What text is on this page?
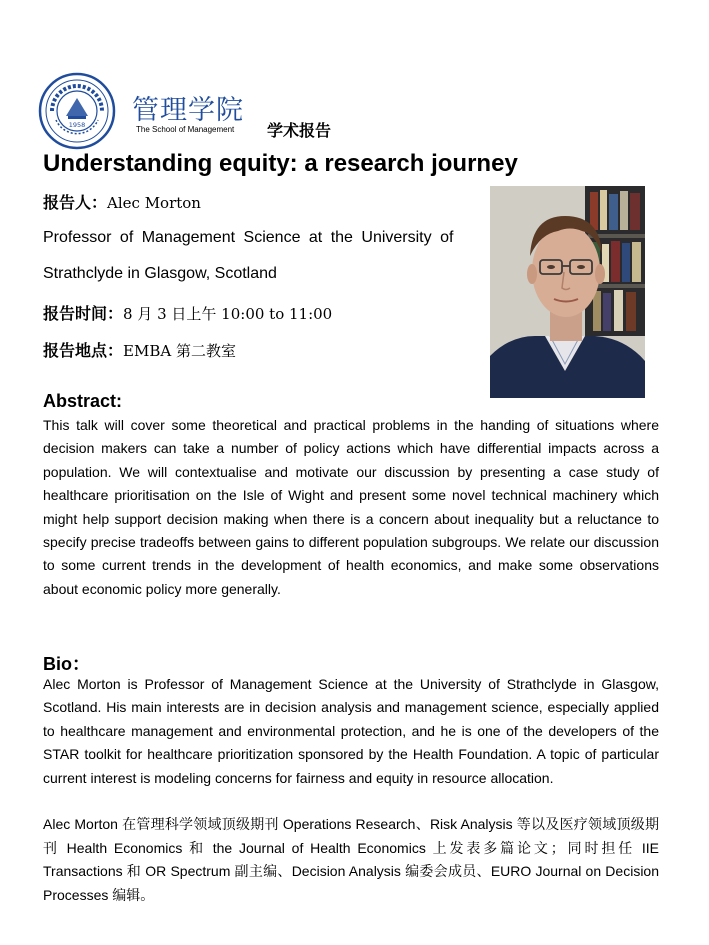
1958 管理学院
The School of Management 学术报告
Understanding equity: a research journey
报告人：Alec Morton
Professor of Management Science at the University of
Strathclyde in Glasgow, Scotland
报告时间：8 月 3 日上午 10:00 to 11:00
报告地点：EMBA 第二教室
Abstract:
This talk will cover some theoretical and practical problems in the handing of situations where decision makers can take a number of policy actions which have differential impacts across a population. We will contextualise and motivate our discussion by presenting a case study of healthcare prioritisation on the Isle of Wight and present some novel technical machinery which might help support decision making when there is a concern about inequality but a reluctance to specify precise tradeoffs between gains to different population subgroups. We relate our discussion to some current trends in the development of health economics, and make some observations about economic policy more generally.
Bio：
Alec Morton is Professor of Management Science at the University of Strathclyde in Glasgow, Scotland. His main interests are in decision analysis and management science, especially applied to healthcare management and environmental protection, and he is one of the developers of the STAR toolkit for healthcare prioritization sponsored by the Health Foundation. A topic of particular current interest is modeling concerns for fairness and equity in resource allocation.
Alec Morton 在管理科学领域顶级期刊 Operations Research、Risk Analysis 等以及医疗领域顶级期刊 Health Economics 和 the Journal of Health Economics 上发表多篇论文；同时担任 IIE Transactions 和 OR Spectrum 副主编、Decision Analysis 编委会成员、EURO Journal on Decision Processes 编辑。
